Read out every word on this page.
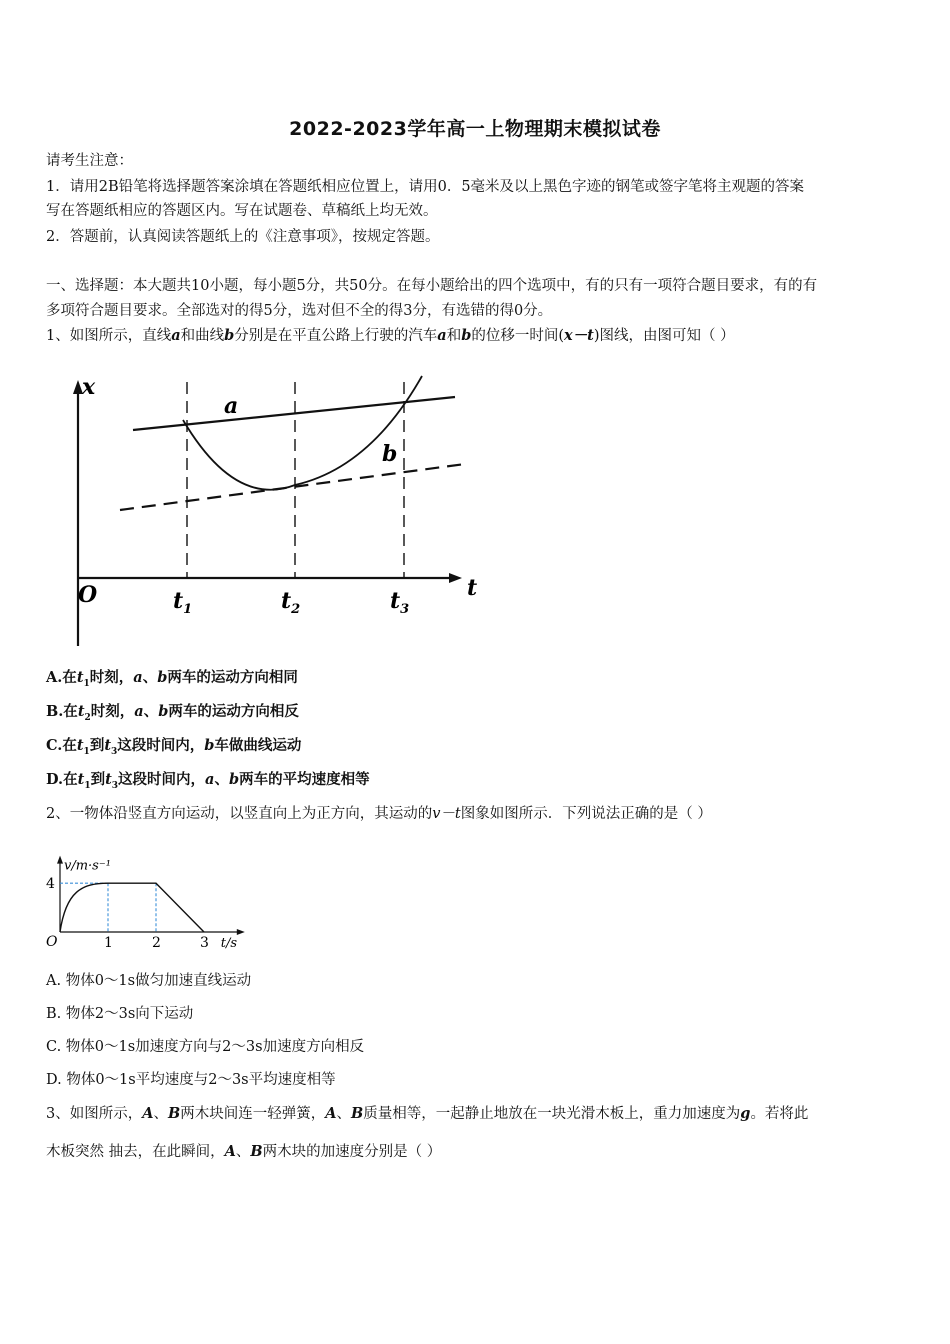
2022-2023学年高一上物理期末模拟试卷
请考生注意：
1．请用2B铅笔将选择题答案涂填在答题纸相应位置上，请用0．5毫米及以上黑色字迹的钢笔或签字笔将主观题的答案
写在答题纸相应的答题区内。写在试题卷、草稿纸上均无效。
2．答题前，认真阅读答题纸上的《注意事项》，按规定答题。
一、选择题：本大题共10小题，每小题5分，共50分。在每小题给出的四个选项中，有的只有一项符合题目要求，有的有
多项符合题目要求。全部选对的得5分，选对但不全的得3分，有选错的得0分。
1、如图所示，直线a和曲线b分别是在平直公路上行驶的汽车a和b的位移一时间(x－t)图线，由图可知（ ）
x
t
O
a
b
$t_1$	$t_2$	$t_3$
A.在$t_1$时刻，a、b两车的运动方向相同
B.在$t_2$时刻，a、b两车的运动方向相反
C.在$t_1$到$t_3$这段时间内，b车做曲线运动
D.在$t_1$到$t_3$这段时间内，a、b两车的平均速度相等
2、一物体沿竖直方向运动，以竖直向上为正方向，其运动的v－t图象如图所示．下列说法正确的是（ ）
v/m·s⁻¹
t/s
O	1	2	3
4
A. 物体0～1s做匀加速直线运动
B. 物体2～3s向下运动
C. 物体0～1s加速度方向与2～3s加速度方向相反
D. 物体0～1s平均速度与2～3s平均速度相等
3、如图所示，A、B两木块间连一轻弹簧，A、B质量相等，一起静止地放在一块光滑木板上，重力加速度为g。若将此
木板突然 抽去，在此瞬间，A、B两木块的加速度分别是（ ）
